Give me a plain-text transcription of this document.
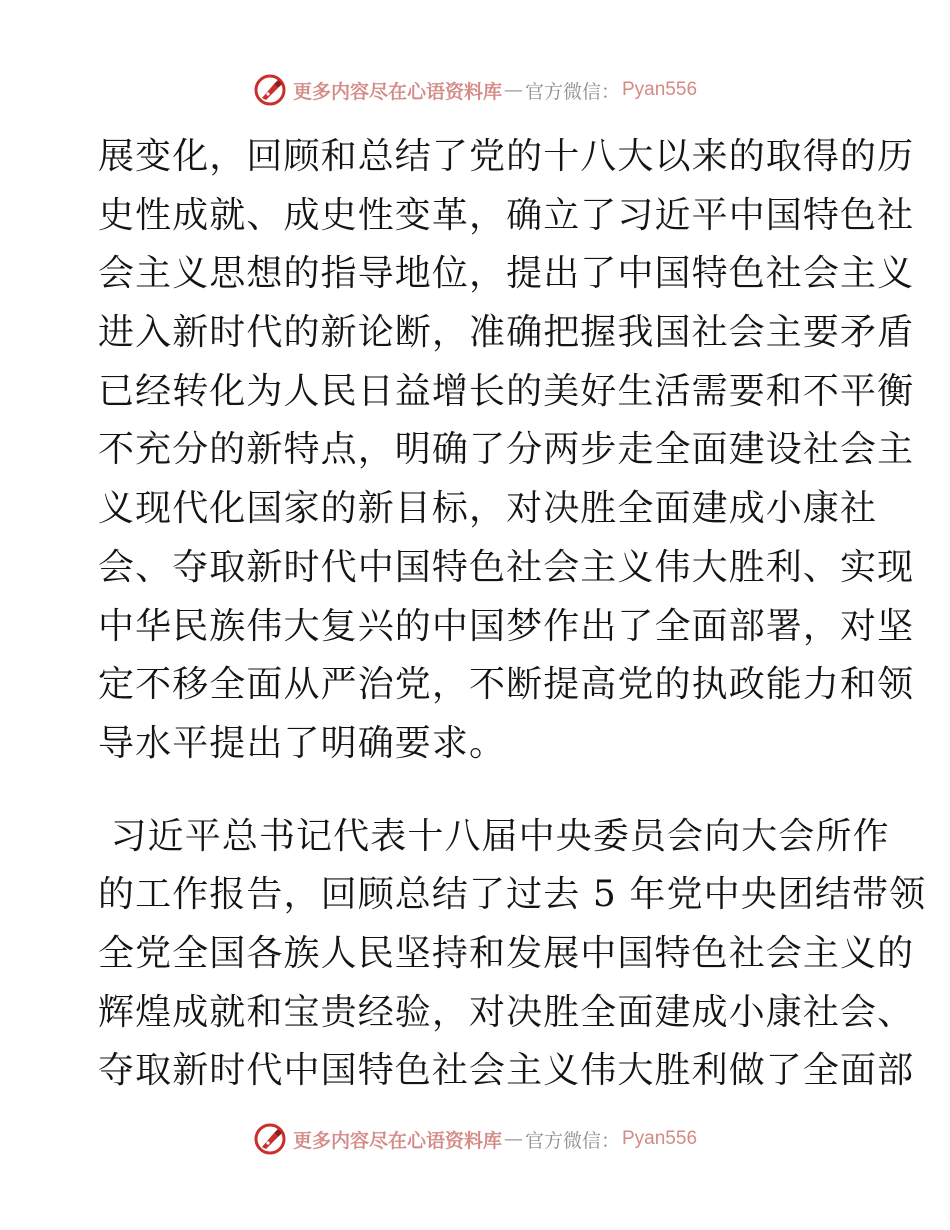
更多内容尽在心语资料库 — 官方微信： Pyan556
展变化，回顾和总结了党的十八大以来的取得的历
史性成就、成史性变革，确立了习近平中国特色社
会主义思想的指导地位，提出了中国特色社会主义
进入新时代的新论断，准确把握我国社会主要矛盾
已经转化为人民日益增长的美好生活需要和不平衡
不充分的新特点，明确了分两步走全面建设社会主
义现代化国家的新目标，对决胜全面建成小康社
会、夺取新时代中国特色社会主义伟大胜利、实现
中华民族伟大复兴的中国梦作出了全面部署，对坚
定不移全面从严治党，不断提高党的执政能力和领
导水平提出了明确要求。
习近平总书记代表十八届中央委员会向大会所作
的工作报告，回顾总结了过去 5 年党中央团结带领
全党全国各族人民坚持和发展中国特色社会主义的
辉煌成就和宝贵经验，对决胜全面建成小康社会、
夺取新时代中国特色社会主义伟大胜利做了全面部
更多内容尽在心语资料库 — 官方微信： Pyan556
